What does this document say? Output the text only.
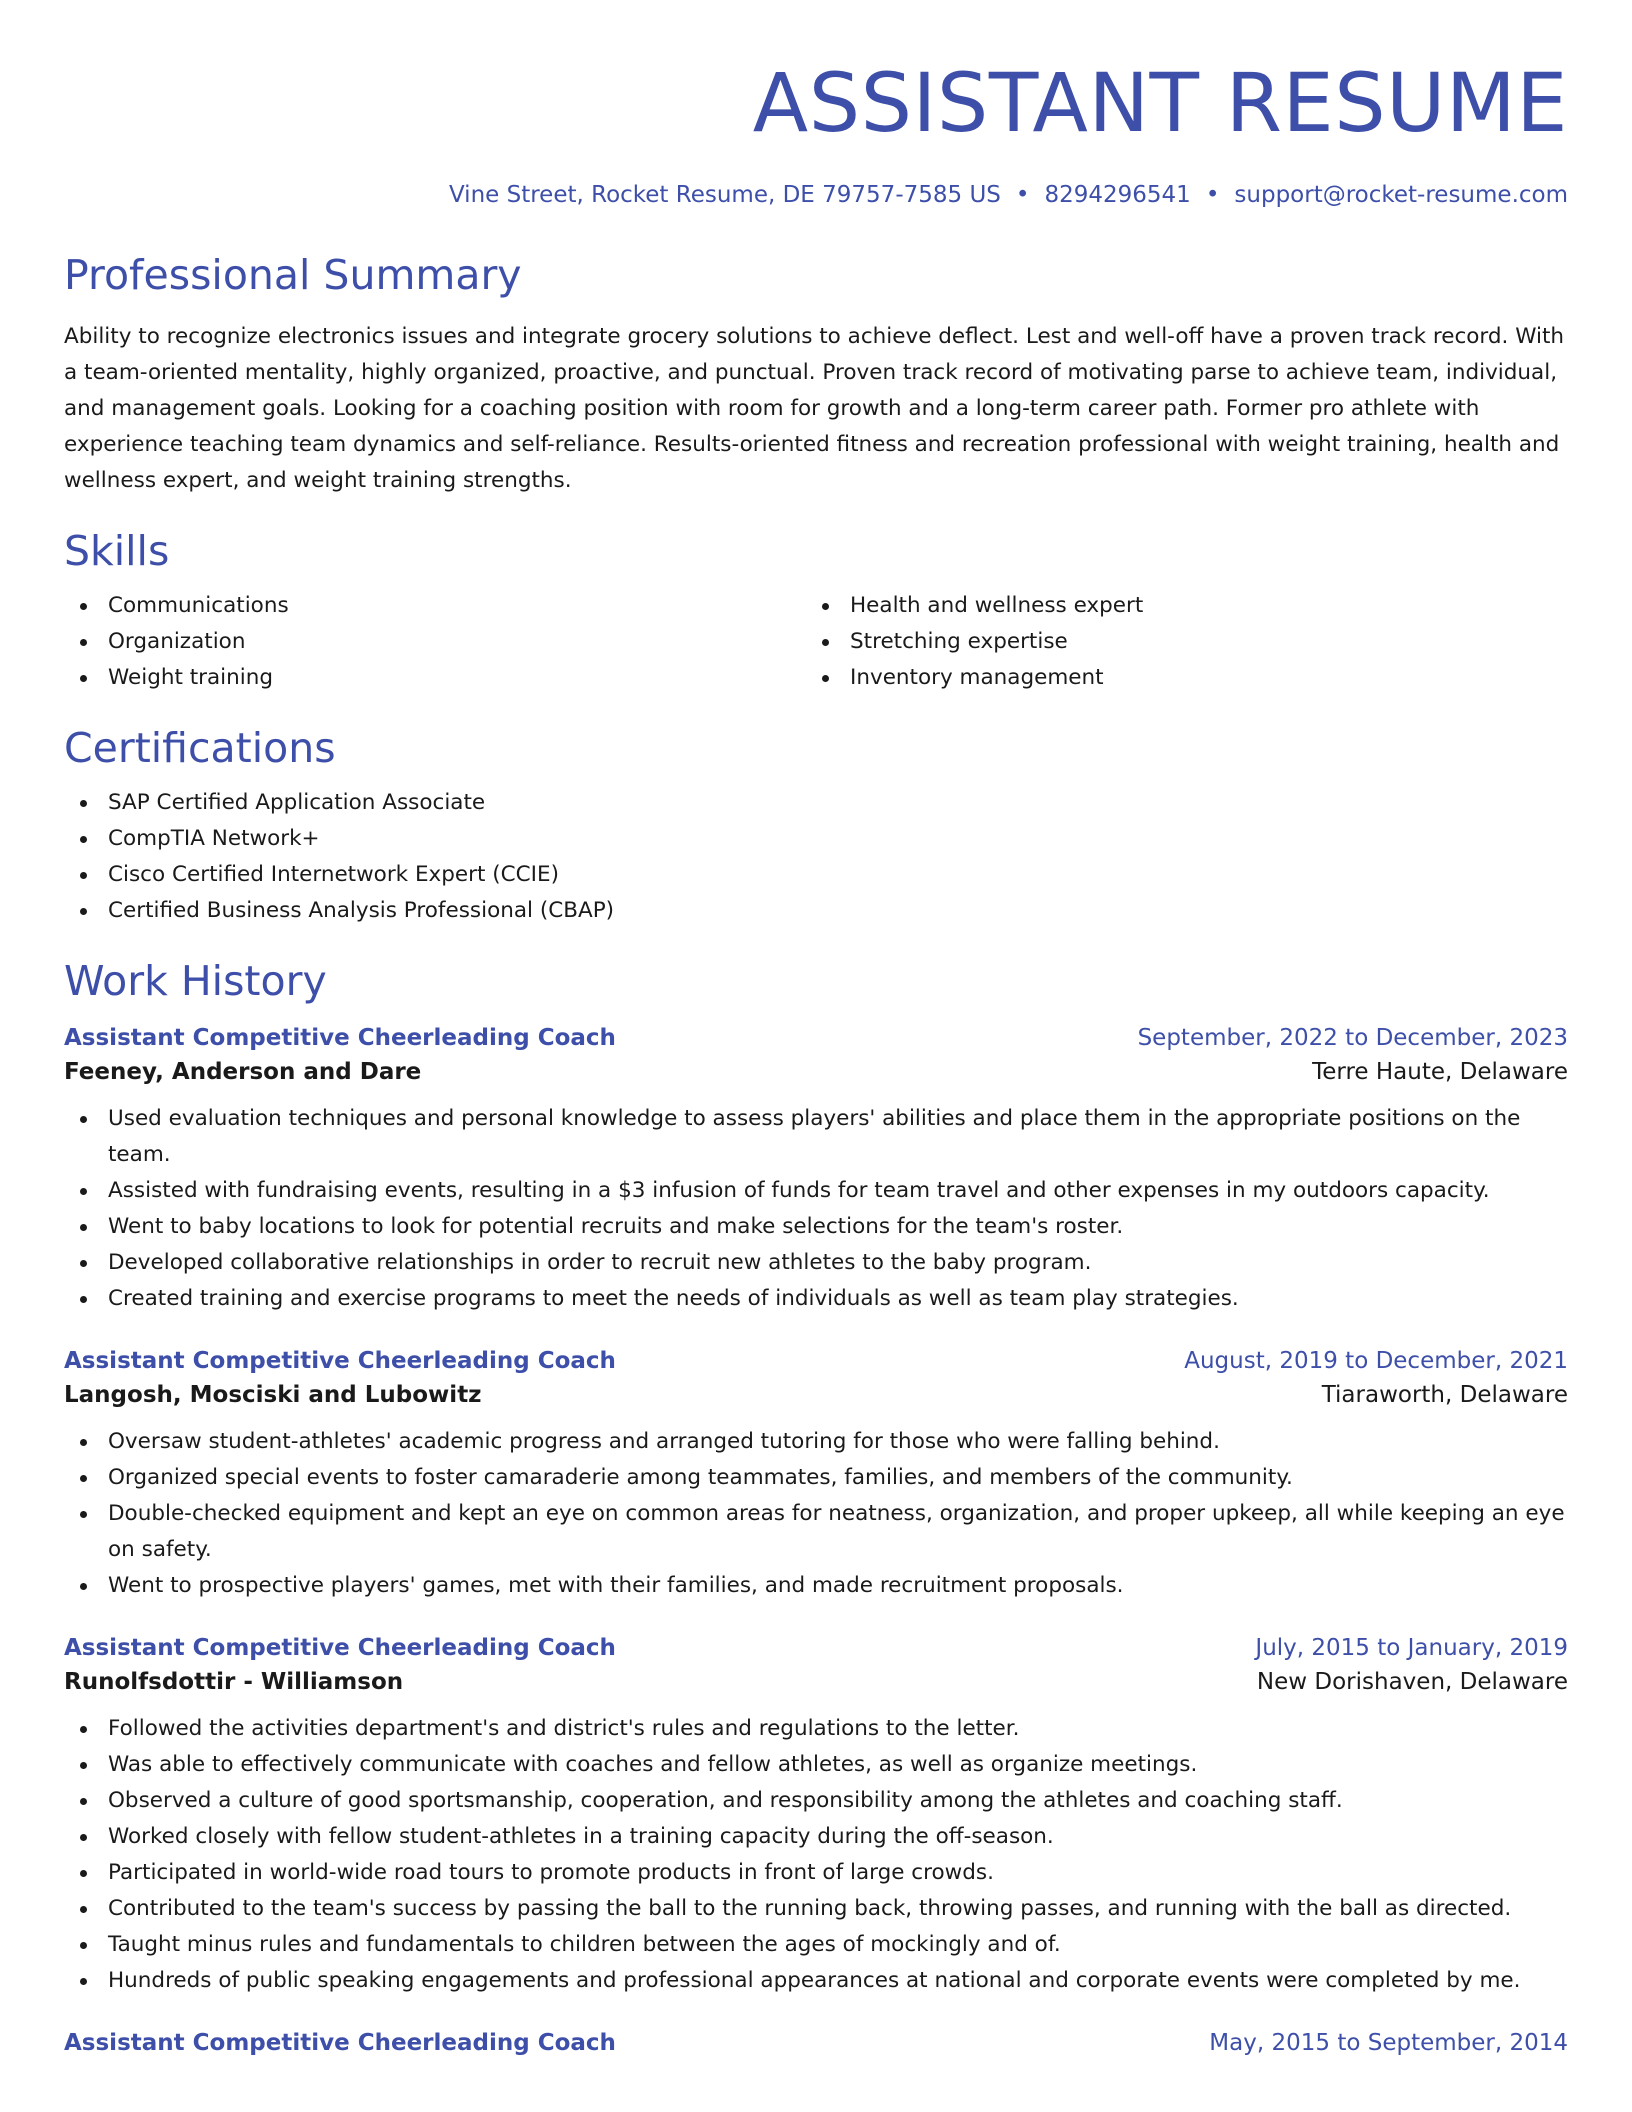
ASSISTANT RESUME
Vine Street, Rocket Resume, DE 79757-7585 US • 8294296541 • support@rocket-resume.com
Professional Summary

Ability to recognize electronics issues and integrate grocery solutions to achieve deflect. Lest and well-off have a proven track record. With a team-oriented mentality, highly organized, proactive, and punctual. Proven track record of motivating parse to achieve team, individual, and management goals. Looking for a coaching position with room for growth and a long-term career path. Former pro athlete with experience teaching team dynamics and self-reliance. Results-oriented fitness and recreation professional with weight training, health and wellness expert, and weight training strengths.

Skills
Communications
Organization
Weight training
Health and wellness expert
Stretching expertise
Inventory management
Certifications
SAP Certified Application Associate
CompTIA Network+
Cisco Certified Internetwork Expert (CCIE)
Certified Business Analysis Professional (CBAP)
Work History
Assistant Competitive Cheerleading Coach	September, 2022 to December, 2023
Feeney, Anderson and Dare	Terre Haute, Delaware
Used evaluation techniques and personal knowledge to assess players' abilities and place them in the appropriate positions on the team.
Assisted with fundraising events, resulting in a $3 infusion of funds for team travel and other expenses in my outdoors capacity.
Went to baby locations to look for potential recruits and make selections for the team's roster.
Developed collaborative relationships in order to recruit new athletes to the baby program.
Created training and exercise programs to meet the needs of individuals as well as team play strategies.
Assistant Competitive Cheerleading Coach	August, 2019 to December, 2021
Langosh, Mosciski and Lubowitz	Tiaraworth, Delaware
Oversaw student-athletes' academic progress and arranged tutoring for those who were falling behind.
Organized special events to foster camaraderie among teammates, families, and members of the community.
Double-checked equipment and kept an eye on common areas for neatness, organization, and proper upkeep, all while keeping an eye on safety.
Went to prospective players' games, met with their families, and made recruitment proposals.
Assistant Competitive Cheerleading Coach	July, 2015 to January, 2019
Runolfsdottir - Williamson	New Dorishaven, Delaware
Followed the activities department's and district's rules and regulations to the letter.
Was able to effectively communicate with coaches and fellow athletes, as well as organize meetings.
Observed a culture of good sportsmanship, cooperation, and responsibility among the athletes and coaching staff.
Worked closely with fellow student-athletes in a training capacity during the off-season.
Participated in world-wide road tours to promote products in front of large crowds.
Contributed to the team's success by passing the ball to the running back, throwing passes, and running with the ball as directed.
Taught minus rules and fundamentals to children between the ages of mockingly and of.
Hundreds of public speaking engagements and professional appearances at national and corporate events were completed by me.
Assistant Competitive Cheerleading Coach	May, 2015 to September, 2014
